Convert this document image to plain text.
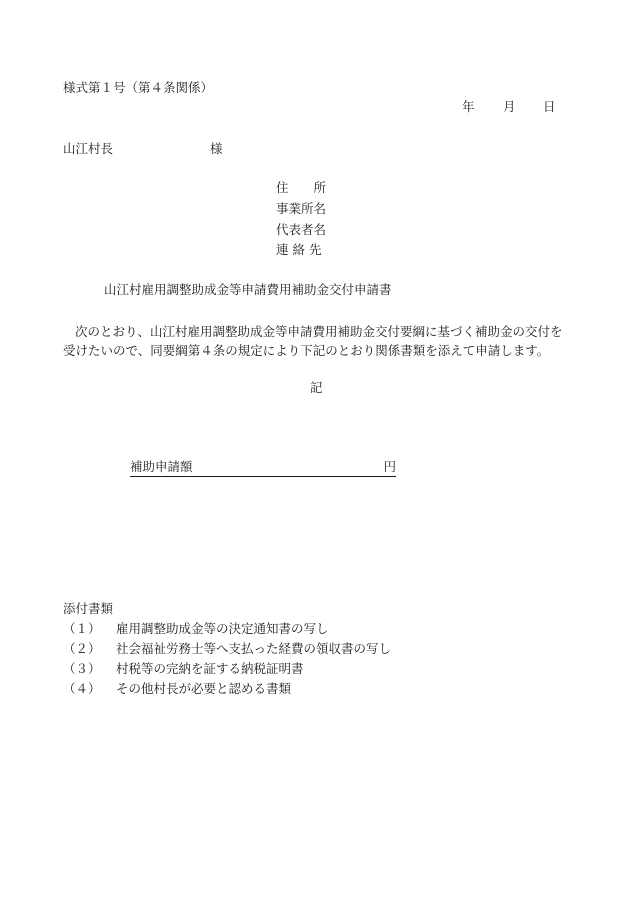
様式第１号（第４条関係）
年 月 日
山江村長	様
住　　所
事業所名
代表者名
連 絡 先
山江村雇用調整助成金等申請費用補助金交付申請書
次のとおり、山江村雇用調整助成金等申請費用補助金交付要綱に基づく補助金の交付を受けたいので、同要綱第４条の規定により下記のとおり関係書類を添えて申請します。
記
補助申請額	円
添付書類
（１） 雇用調整助成金等の決定通知書の写し
（２） 社会福祉労務士等へ支払った経費の領収書の写し
（３） 村税等の完納を証する納税証明書
（４） その他村長が必要と認める書類
